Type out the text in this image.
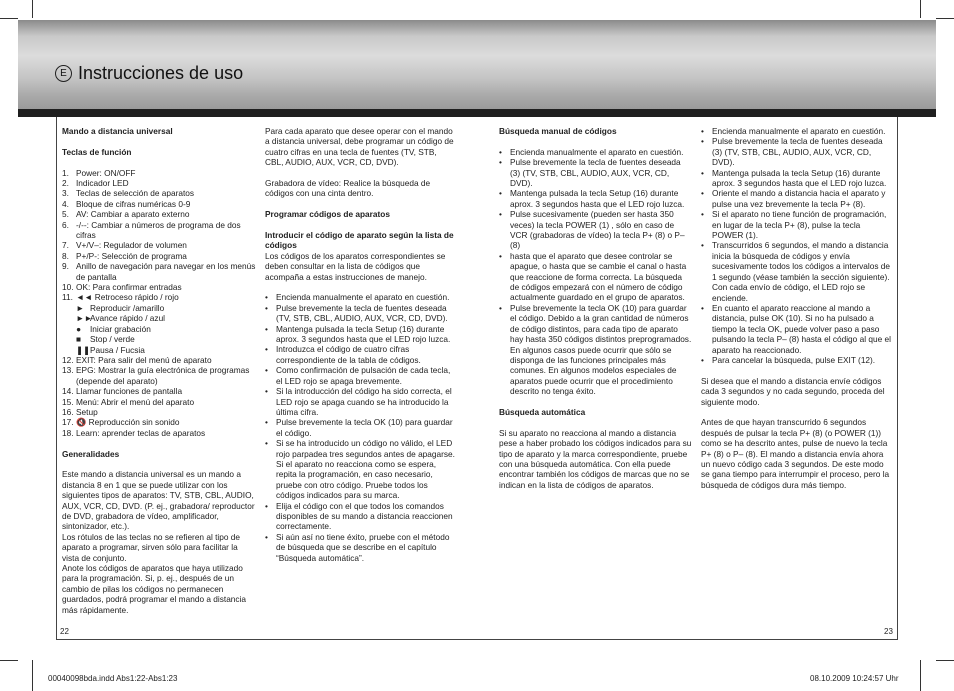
E Instrucciones de uso

Mando a distancia universal

Teclas de función

1. Power: ON/OFF
2. Indicador LED
3. Teclas de selección de aparatos
4. Bloque de cifras numéricas 0-9
5. AV: Cambiar a aparato externo
6. -/--: Cambiar a números de programa de dos cifras
7. V+/V–: Regulador de volumen
8. P+/P-: Selección de programa
9. Anillo de navegación para navegar en los menús de pantalla
10. OK: Para confirmar entradas
11. ◄◄ Retroceso rápido / rojo
► Reproducir /amarillo
►►
Avance rápido / azul
●	Iniciar grabación
■	Stop / verde
❚❚ Pausa / Fucsia
12. EXIT: Para salir del menú de aparato
13. EPG: Mostrar la guía electrónica de programas (depende del aparato)
14. Llamar funciones de pantalla
15. Menú: Abrir el menú del aparato
16. Setup
17. 🔇 Reproducción sin sonido
18. Learn: aprender teclas de aparatos

Generalidades

Este mando a distancia universal es un mando a distancia 8 en 1 que se puede utilizar con los siguientes tipos de aparatos: TV, STB, CBL, AUDIO, AUX, VCR, CD, DVD. (P. ej., grabadora/ reproductor de DVD, grabadora de vídeo, amplificador, sintonizador, etc.).

Los rótulos de las teclas no se refieren al tipo de aparato a programar, sirven sólo para facilitar la vista de conjunto.

Anote los códigos de aparatos que haya utilizado para la programación. Si, p. ej., después de un cambio de pilas los códigos no permanecen guardados, podrá programar el mando a distancia más rápidamente.

Para cada aparato que desee operar con el mando a distancia universal, debe programar un código de cuatro cifras en una tecla de fuentes (TV, STB, CBL, AUDIO, AUX, VCR, CD, DVD).

Grabadora de vídeo: Realice la búsqueda de códigos con una cinta dentro.

Programar códigos de aparatos

Introducir el código de aparato según la lista de códigos

Los códigos de los aparatos correspondientes se deben consultar en la lista de códigos que acompaña a estas instrucciones de manejo.

• Encienda manualmente el aparato en cuestión.
• Pulse brevemente la tecla de fuentes deseada (TV, STB, CBL, AUDIO, AUX, VCR, CD, DVD).
• Mantenga pulsada la tecla Setup (16) durante aprox. 3 segundos hasta que el LED rojo luzca.
• Introduzca el código de cuatro cifras correspondiente de la tabla de códigos.
• Como confirmación de pulsación de cada tecla, el LED rojo se apaga brevemente.
• Si la introducción del código ha sido correcta, el LED rojo se apaga cuando se ha introducido la última cifra.
• Pulse brevemente la tecla OK (10) para guardar el código.
• Si se ha introducido un código no válido, el LED rojo parpadea tres segundos antes de apagarse. Si el aparato no reacciona como se espera, repita la programación, en caso necesario, pruebe con otro código. Pruebe todos los códigos indicados para su marca.
• Elija el código con el que todos los comandos disponibles de su mando a distancia reaccionen correctamente.
• Si aún así no tiene éxito, pruebe con el método de búsqueda que se describe en el capítulo “Búsqueda automática”.

Búsqueda manual de códigos

• Encienda manualmente el aparato en cuestión.
• Pulse brevemente la tecla de fuentes deseada (3) (TV, STB, CBL, AUDIO, AUX, VCR, CD, DVD).
• Mantenga pulsada la tecla Setup (16) durante aprox. 3 segundos hasta que el LED rojo luzca.
• Pulse sucesivamente (pueden ser hasta 350 veces) la tecla POWER (1) , sólo en caso de VCR (grabadoras de vídeo) la tecla P+ (8) o P– (8)
• hasta que el aparato que desee controlar se apague, o hasta que se cambie el canal o hasta que reaccione de forma correcta. La búsqueda de códigos empezará con el número de código actualmente guardado en el grupo de aparatos.
• Pulse brevemente la tecla OK (10) para guardar el código. Debido a la gran cantidad de números de código distintos, para cada tipo de aparato hay hasta 350 códigos distintos preprogramados. En algunos casos puede ocurrir que sólo se disponga de las funciones principales más comunes. En algunos modelos especiales de aparatos puede ocurrir que el procedimiento descrito no tenga éxito.

Búsqueda automática

Si su aparato no reacciona al mando a distancia pese a haber probado los códigos indicados para su tipo de aparato y la marca correspondiente, pruebe con una búsqueda automática. Con ella puede encontrar también los códigos de marcas que no se indican en la lista de códigos de aparatos.

• Encienda manualmente el aparato en cuestión.
• Pulse brevemente la tecla de fuentes deseada (3) (TV, STB, CBL, AUDIO, AUX, VCR, CD, DVD).
• Mantenga pulsada la tecla Setup (16) durante aprox. 3 segundos hasta que el LED rojo luzca.
• Oriente el mando a distancia hacia el aparato y pulse una vez brevemente la tecla P+ (8).
• Si el aparato no tiene función de programación, en lugar de la tecla P+ (8), pulse la tecla POWER (1).
• Transcurridos 6 segundos, el mando a distancia inicia la búsqueda de códigos y envía sucesivamente todos los códigos a intervalos de 1 segundo (véase también la sección siguiente). Con cada envío de código, el LED rojo se enciende.
• En cuanto el aparato reaccione al mando a distancia, pulse OK (10). Si no ha pulsado a tiempo la tecla OK, puede volver paso a paso pulsando la tecla P– (8) hasta el código al que el aparato ha reaccionado.
• Para cancelar la búsqueda, pulse EXIT (12).

Si desea que el mando a distancia envíe códigos cada 3 segundos y no cada segundo, proceda del siguiente modo.

Antes de que hayan transcurrido 6 segundos después de pulsar la tecla P+ (8) (o POWER (1)) como se ha descrito antes, pulse de nuevo la tecla P+ (8) o P– (8). El mando a distancia envía ahora un nuevo código cada 3 segundos. De este modo se gana tiempo para interrumpir el proceso, pero la búsqueda de códigos dura más tiempo.

22	23
00040098bda.indd Abs1:22-Abs1:23	08.10.2009 10:24:57 Uhr
